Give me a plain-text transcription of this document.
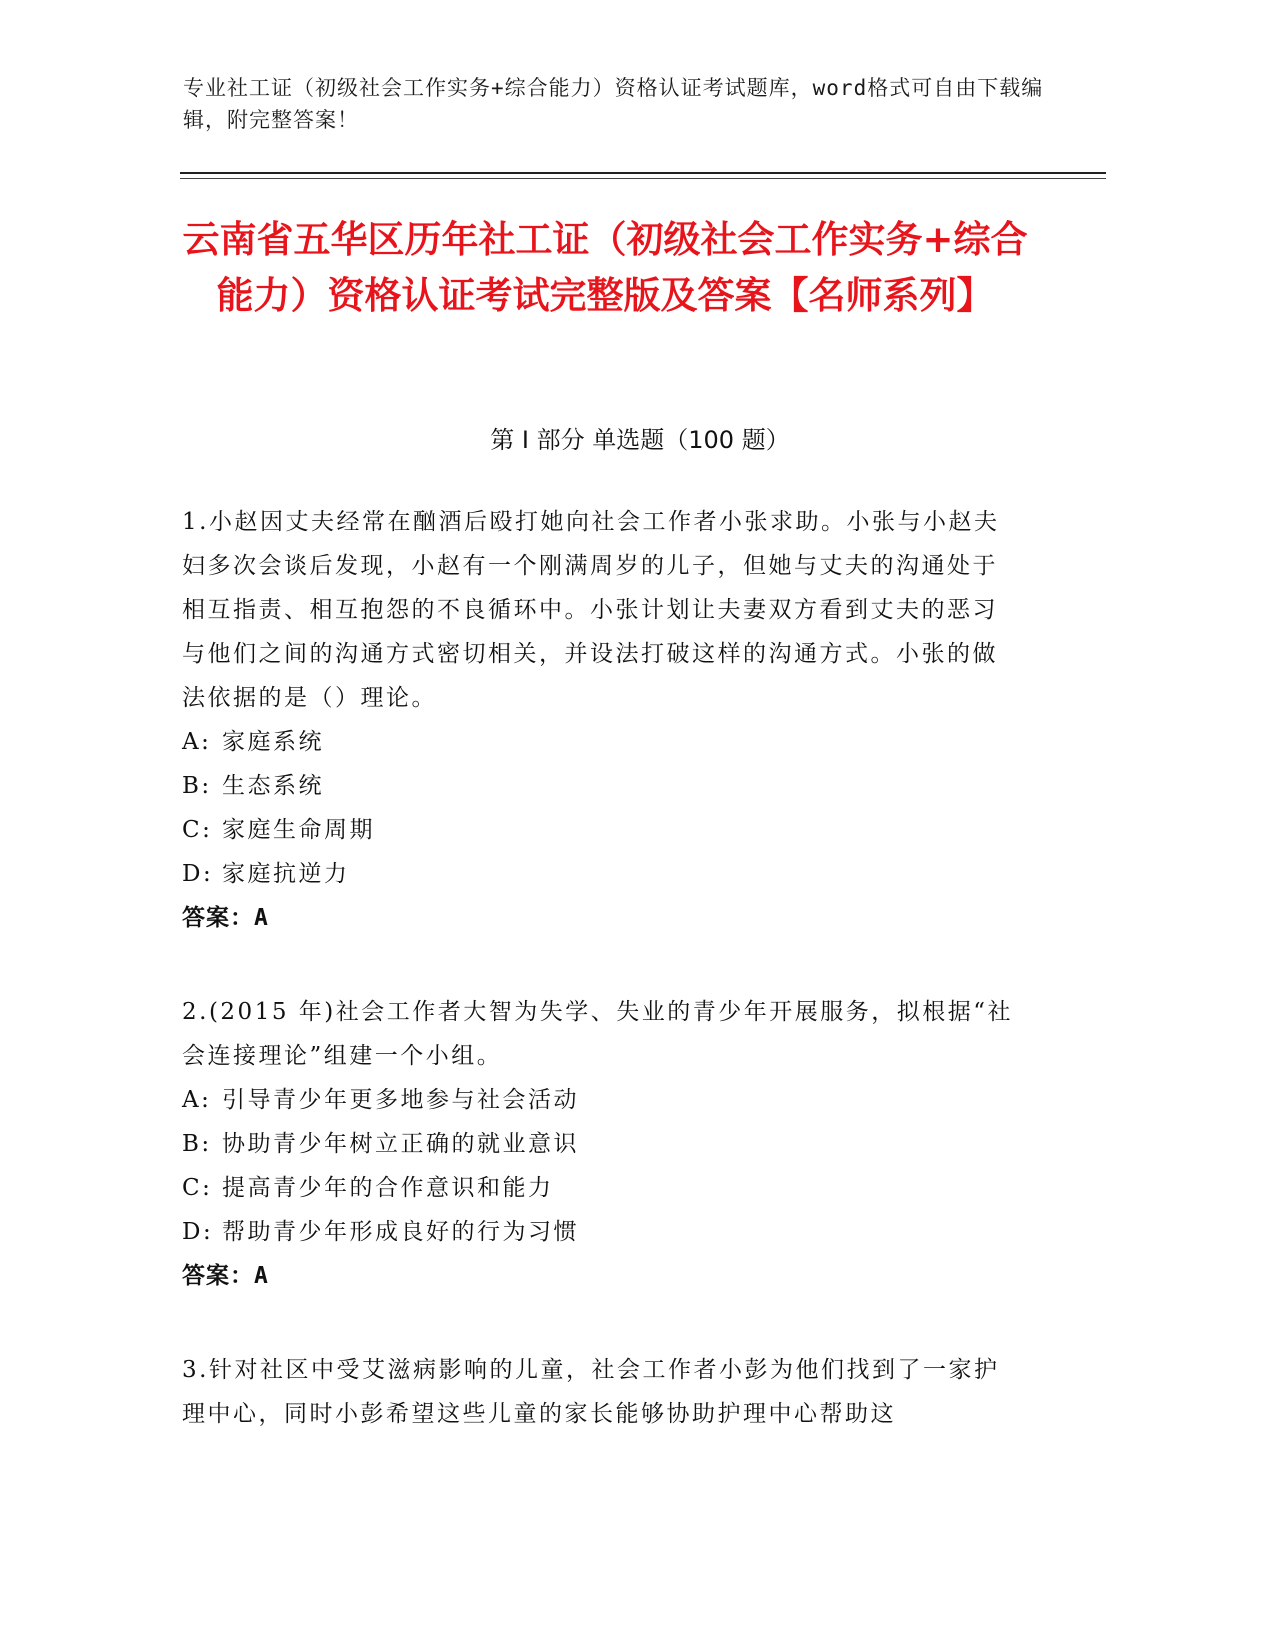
专业社工证（初级社会工作实务+综合能力）资格认证考试题库，word格式可自由下载编辑，附完整答案！
云南省五华区历年社工证（初级社会工作实务+综合能力）资格认证考试完整版及答案【名师系列】
第 I 部分 单选题（100 题）
1.小赵因丈夫经常在酗酒后殴打她向社会工作者小张求助。小张与小赵夫妇多次会谈后发现，小赵有一个刚满周岁的儿子，但她与丈夫的沟通处于相互指责、相互抱怨的不良循环中。小张计划让夫妻双方看到丈夫的恶习与他们之间的沟通方式密切相关，并设法打破这样的沟通方式。小张的做法依据的是（）理论。
A: 家庭系统
B: 生态系统
C: 家庭生命周期
D: 家庭抗逆力
答案：A
2.(2015 年)社会工作者大智为失学、失业的青少年开展服务，拟根据“社会连接理论”组建一个小组。
A: 引导青少年更多地参与社会活动
B: 协助青少年树立正确的就业意识
C: 提高青少年的合作意识和能力
D: 帮助青少年形成良好的行为习惯
答案：A
3.针对社区中受艾滋病影响的儿童，社会工作者小彭为他们找到了一家护理中心，同时小彭希望这些儿童的家长能够协助护理中心帮助这
